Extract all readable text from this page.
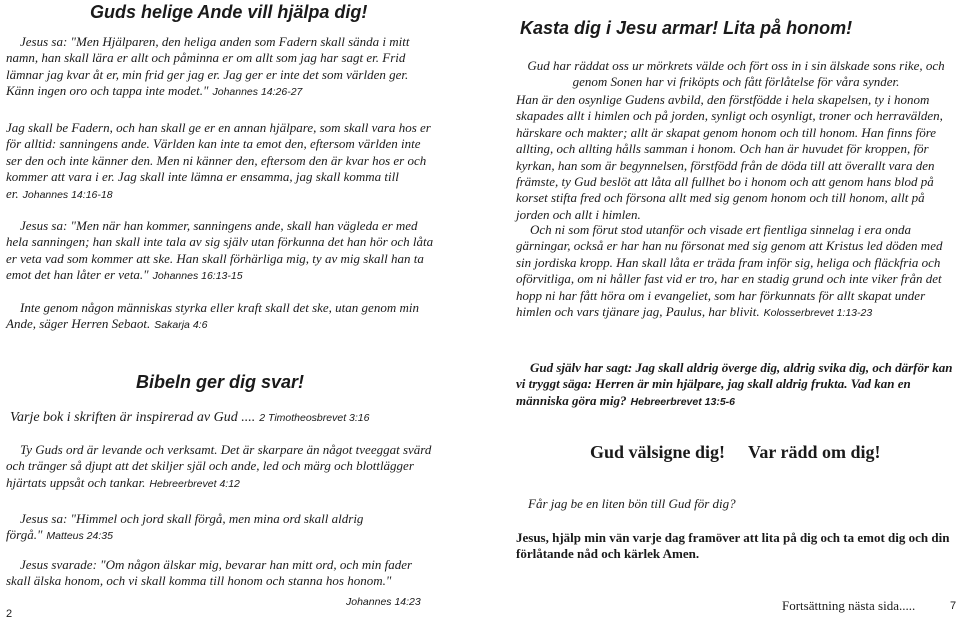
Guds helige Ande vill hjälpa dig!
Jesus sa: "Men Hjälparen, den heliga anden som Fadern skall sända i mitt namn, han skall lära er allt och påminna er om allt som jag har sagt er. Frid lämnar jag kvar åt er, min frid ger jag er. Jag ger er inte det som världen ger. Känn ingen oro och tappa inte modet." Johannes 14:26-27
Jag skall be Fadern, och han skall ge er en annan hjälpare, som skall vara hos er för alltid: sanningens ande. Världen kan inte ta emot den, eftersom världen inte ser den och inte känner den. Men ni känner den, eftersom den är kvar hos er och kommer att vara i er. Jag skall inte lämna er ensamma, jag skall komma till er. Johannes 14:16-18
Jesus sa: "Men när han kommer, sanningens ande, skall han vägleda er med hela sanningen; han skall inte tala av sig själv utan förkunna det han hör och låta er veta vad som kommer att ske. Han skall förhärliga mig, ty av mig skall han ta emot det han låter er veta." Johannes 16:13-15
Inte genom någon människas styrka eller kraft skall det ske, utan genom min Ande, säger Herren Sebaot. Sakarja 4:6
Bibeln ger dig svar!
Varje bok i skriften är inspirerad av Gud .... 2 Timotheosbrevet 3:16
Ty Guds ord är levande och verksamt. Det är skarpare än något tveeggat svärd och tränger så djupt att det skiljer själ och ande, led och märg och blottlägger hjärtats uppsåt och tankar. Hebreerbrevet 4:12
Jesus sa: "Himmel och jord skall förgå, men mina ord skall aldrig förgå." Matteus 24:35
Jesus svarade: "Om någon älskar mig, bevarar han mitt ord, och min fader skall älska honom, och vi skall komma till honom och stanna hos honom."
Johannes 14:23
2
Kasta dig i Jesu armar! Lita på honom!
Gud har räddat oss ur mörkrets välde och fört oss in i sin älskade sons rike, och genom Sonen har vi friköpts och fått förlåtelse för våra synder.
Han är den osynlige Gudens avbild, den förstfödde i hela skapelsen, ty i honom skapades allt i himlen och på jorden, synligt och osynligt, troner och herravälden, härskare och makter; allt är skapat genom honom och till honom. Han finns före allting, och allting hålls samman i honom. Och han är huvudet för kroppen, för kyrkan, han som är begynnelsen, förstfödd från de döda till att överallt vara den främste, ty Gud beslöt att låta all fullhet bo i honom och att genom hans blod på korset stifta fred och försona allt med sig genom honom och till honom, allt på jorden och allt i himlen.
Och ni som förut stod utanför och visade ert fientliga sinnelag i era onda gärningar, också er har han nu försonat med sig genom att Kristus led döden med sin jordiska kropp. Han skall låta er träda fram inför sig, heliga och fläckfria och oförvitliga, om ni håller fast vid er tro, har en stadig grund och inte viker från det hopp ni har fått höra om i evangeliet, som har förkunnats för allt skapat under himlen och vars tjänare jag, Paulus, har blivit. Kolosserbrevet 1:13-23
Gud själv har sagt: Jag skall aldrig överge dig, aldrig svika dig, och därför kan vi tryggt säga: Herren är min hjälpare, jag skall aldrig frukta. Vad kan en människa göra mig? Hebreerbrevet 13:5-6
Gud välsigne dig! Var rädd om dig!
Får jag be en liten bön till Gud för dig?
Jesus, hjälp min vän varje dag framöver att lita på dig och ta emot dig och din förlåtande nåd och kärlek Amen.
Fortsättning nästa sida.....	7
